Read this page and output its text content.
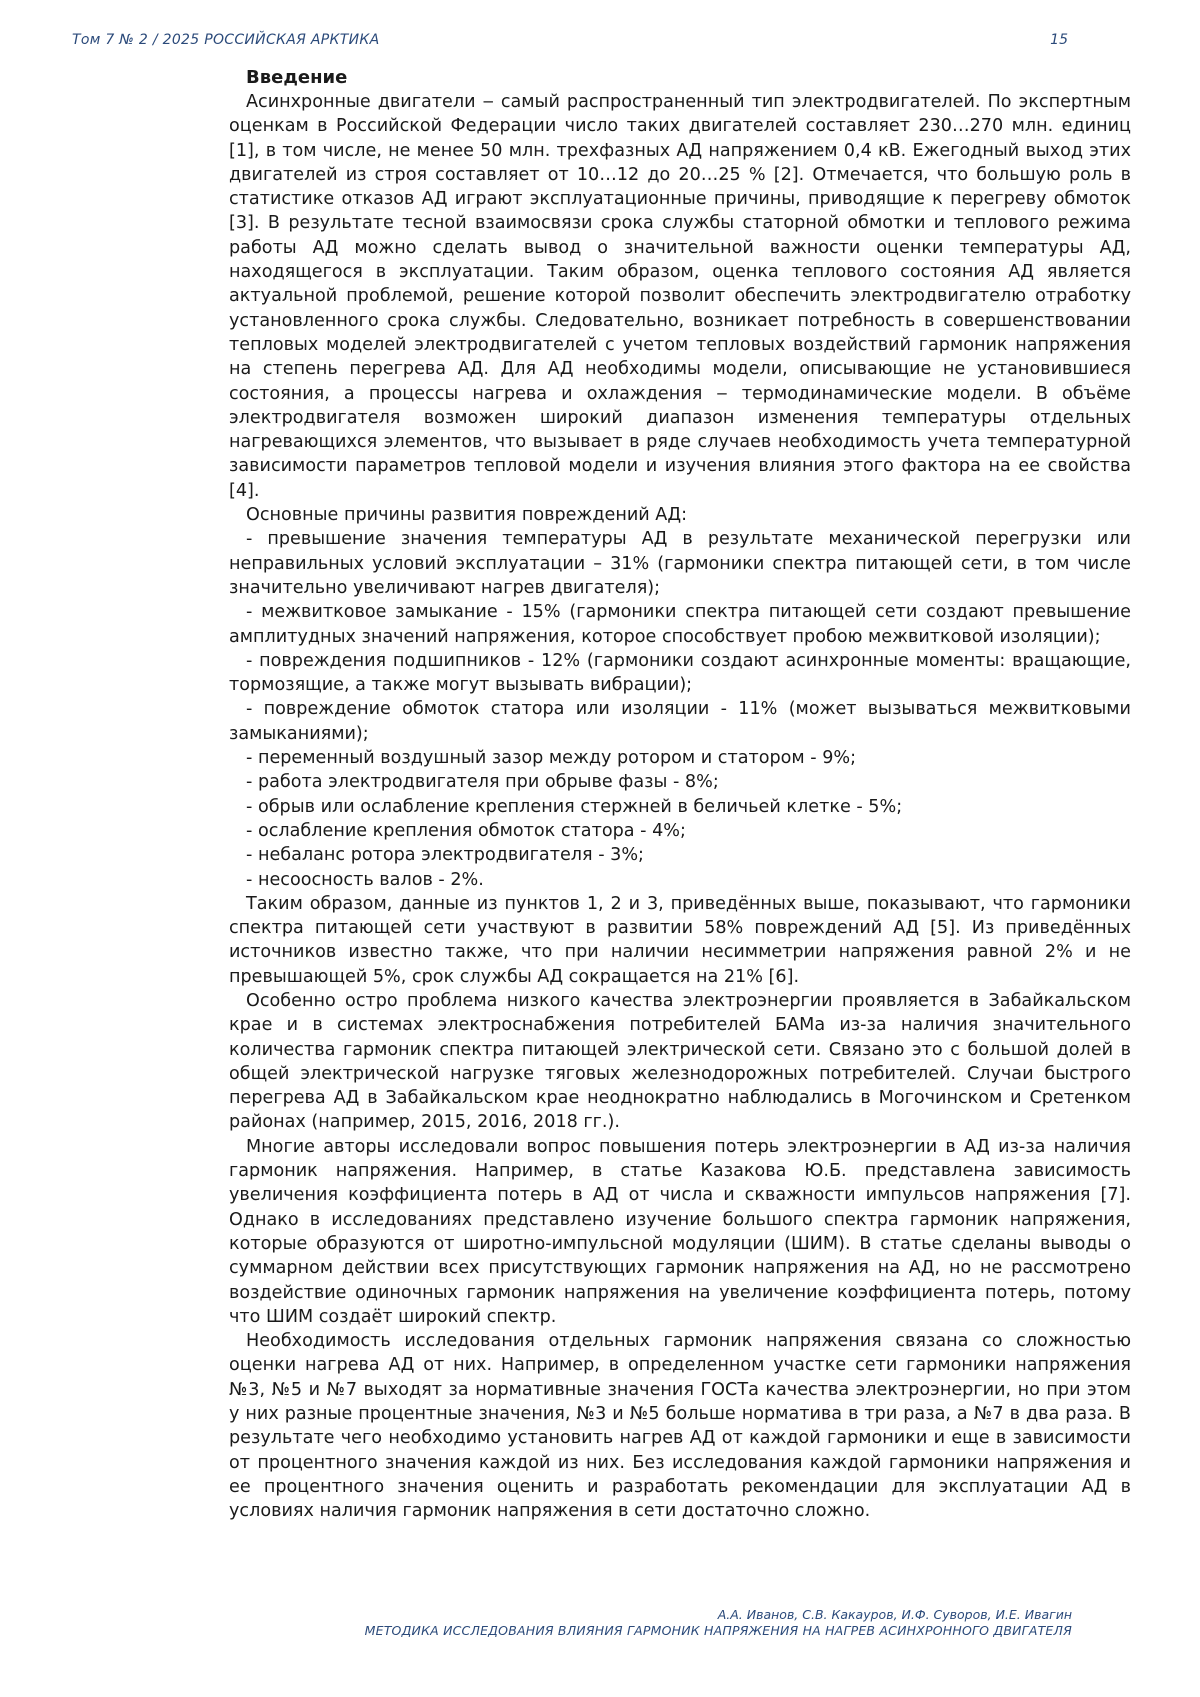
Том 7 № 2 / 2025 РОССИЙСКАЯ АРКТИКА	15
Введение

Асинхронные двигатели ‒ самый распространенный тип электродвигателей. По экспертным оценкам в Российской Федерации число таких двигателей составляет 230…270 млн. единиц [1], в том числе, не менее 50 млн. трехфазных АД напряжением 0,4 кВ. Ежегодный выход этих двигателей из строя составляет от 10…12 до 20…25 % [2]. Отмечается, что большую роль в статистике отказов АД играют эксплуатационные причины, приводящие к перегреву обмоток [3]. В результате тесной взаимосвязи срока службы статорной обмотки и теплового режима работы АД можно сделать вывод о значительной важности оценки температуры АД, находящегося в эксплуатации. Таким образом, оценка теплового состояния АД является актуальной проблемой, решение которой позволит обеспечить электродвигателю отработку установленного срока службы. Следовательно, возникает потребность в совершенствовании тепловых моделей электродвигателей с учетом тепловых воздействий гармоник напряжения на степень перегрева АД. Для АД необходимы модели, описывающие не установившиеся состояния, а процессы нагрева и охлаждения ‒ термодинамические модели. В объёме электродвигателя возможен широкий диапазон изменения температуры отдельных нагревающихся элементов, что вызывает в ряде случаев необходимость учета температурной зависимости параметров тепловой модели и изучения влияния этого фактора на ее свойства [4].

Основные причины развития повреждений АД:

- превышение значения температуры АД в результате механической перегрузки или неправильных условий эксплуатации – 31% (гармоники спектра питающей сети, в том числе значительно увеличивают нагрев двигателя);

- межвитковое замыкание - 15% (гармоники спектра питающей сети создают превышение амплитудных значений напряжения, которое способствует пробою межвитковой изоляции);

- повреждения подшипников - 12% (гармоники создают асинхронные моменты: вращающие, тормозящие, а также могут вызывать вибрации);

- повреждение обмоток статора или изоляции - 11% (может вызываться межвитковыми замыканиями);

- переменный воздушный зазор между ротором и статором - 9%;

- работа электродвигателя при обрыве фазы - 8%;

- обрыв или ослабление крепления стержней в беличьей клетке - 5%;

- ослабление крепления обмоток статора - 4%;

- небаланс ротора электродвигателя - 3%;

- несоосность валов - 2%.

Таким образом, данные из пунктов 1, 2 и 3, приведённых выше, показывают, что гармоники спектра питающей сети участвуют в развитии 58% повреждений АД [5]. Из приведённых источников известно также, что при наличии несимметрии напряжения равной 2% и не превышающей 5%, срок службы АД сокращается на 21% [6].

Особенно остро проблема низкого качества электроэнергии проявляется в Забайкальском крае и в системах электроснабжения потребителей БАМа из-за наличия значительного количества гармоник спектра питающей электрической сети. Связано это с большой долей в общей электрической нагрузке тяговых железнодорожных потребителей. Случаи быстрого перегрева АД в Забайкальском крае неоднократно наблюдались в Могочинском и Сретенком районах (например, 2015, 2016, 2018 гг.).

Многие авторы исследовали вопрос повышения потерь электроэнергии в АД из-за наличия гармоник напряжения. Например, в статье Казакова Ю.Б. представлена зависимость увеличения коэффициента потерь в АД от числа и скважности импульсов напряжения [7]. Однако в исследованиях представлено изучение большого спектра гармоник напряжения, которые образуются от широтно-импульсной модуляции (ШИМ). В статье сделаны выводы о суммарном действии всех присутствующих гармоник напряжения на АД, но не рассмотрено воздействие одиночных гармоник напряжения на увеличение коэффициента потерь, потому что ШИМ создаёт широкий спектр.

Необходимость исследования отдельных гармоник напряжения связана со сложностью оценки нагрева АД от них. Например, в определенном участке сети гармоники напряжения №3, №5 и №7 выходят за нормативные значения ГОСТа качества электроэнергии, но при этом у них разные процентные значения, №3 и №5 больше норматива в три раза, а №7 в два раза. В результате чего необходимо установить нагрев АД от каждой гармоники и еще в зависимости от процентного значения каждой из них. Без исследования каждой гармоники напряжения и ее процентного значения оценить и разработать рекомендации для эксплуатации АД в условиях наличия гармоник напряжения в сети достаточно сложно.

А.А. Иванов, С.В. Какауров, И.Ф. Суворов, И.Е. Ивагин
МЕТОДИКА ИССЛЕДОВАНИЯ ВЛИЯНИЯ ГАРМОНИК НАПРЯЖЕНИЯ НА НАГРЕВ АСИНХРОННОГО ДВИГАТЕЛЯ
